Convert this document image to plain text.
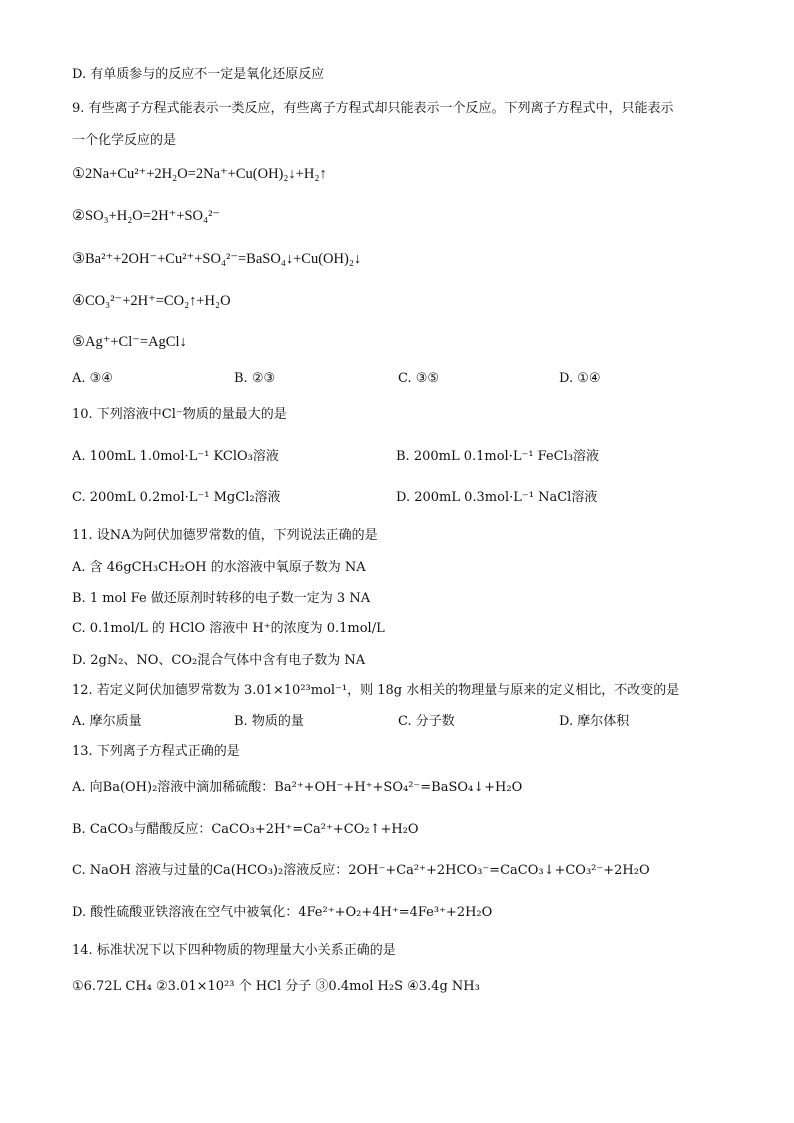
D. 有单质参与的反应不一定是氧化还原反应
9. 有些离子方程式能表示一类反应，有些离子方程式却只能表示一个反应。下列离子方程式中，只能表示
一个化学反应的是
①2Na+Cu²⁺+2H₂O=2Na⁺+Cu(OH)₂↓+H₂↑
②SO₃+H₂O=2H⁺+SO₄²⁻
③Ba²⁺+2OH⁻+Cu²⁺+SO₄²⁻=BaSO₄↓+Cu(OH)₂↓
④CO₃²⁻+2H⁺=CO₂↑+H₂O
⑤Ag⁺+Cl⁻=AgCl↓
A. ③④	B. ②③	C. ③⑤	D. ①④
10. 下列溶液中Cl⁻物质的量最大的是
A. 100mL 1.0mol·L⁻¹ KClO₃溶液	B. 200mL 0.1mol·L⁻¹ FeCl₃溶液
C. 200mL 0.2mol·L⁻¹ MgCl₂溶液	D. 200mL 0.3mol·L⁻¹ NaCl溶液
11. 设NA为阿伏加德罗常数的值，下列说法正确的是
A. 含 46gCH₃CH₂OH 的水溶液中氧原子数为 NA
B. 1 mol Fe 做还原剂时转移的电子数一定为 3 NA
C. 0.1mol/L 的 HClO 溶液中 H⁺的浓度为 0.1mol/L
D. 2gN₂、NO、CO₂混合气体中含有电子数为 NA
12. 若定义阿伏加德罗常数为 3.01×10²³mol⁻¹，则 18g 水相关的物理量与原来的定义相比，不改变的是
A. 摩尔质量	B. 物质的量	C. 分子数	D. 摩尔体积
13. 下列离子方程式正确的是
A. 向Ba(OH)₂溶液中滴加稀硫酸：Ba²⁺+OH⁻+H⁺+SO₄²⁻=BaSO₄↓+H₂O
B. CaCO₃与醋酸反应：CaCO₃+2H⁺=Ca²⁺+CO₂↑+H₂O
C. NaOH 溶液与过量的Ca(HCO₃)₂溶液反应：2OH⁻+Ca²⁺+2HCO₃⁻=CaCO₃↓+CO₃²⁻+2H₂O
D. 酸性硫酸亚铁溶液在空气中被氧化：4Fe²⁺+O₂+4H⁺=4Fe³⁺+2H₂O
14. 标准状况下以下四种物质的物理量大小关系正确的是
①6.72L CH₄ ②3.01×10²³ 个 HCl 分子 ③0.4mol H₂S ④3.4g NH₃
